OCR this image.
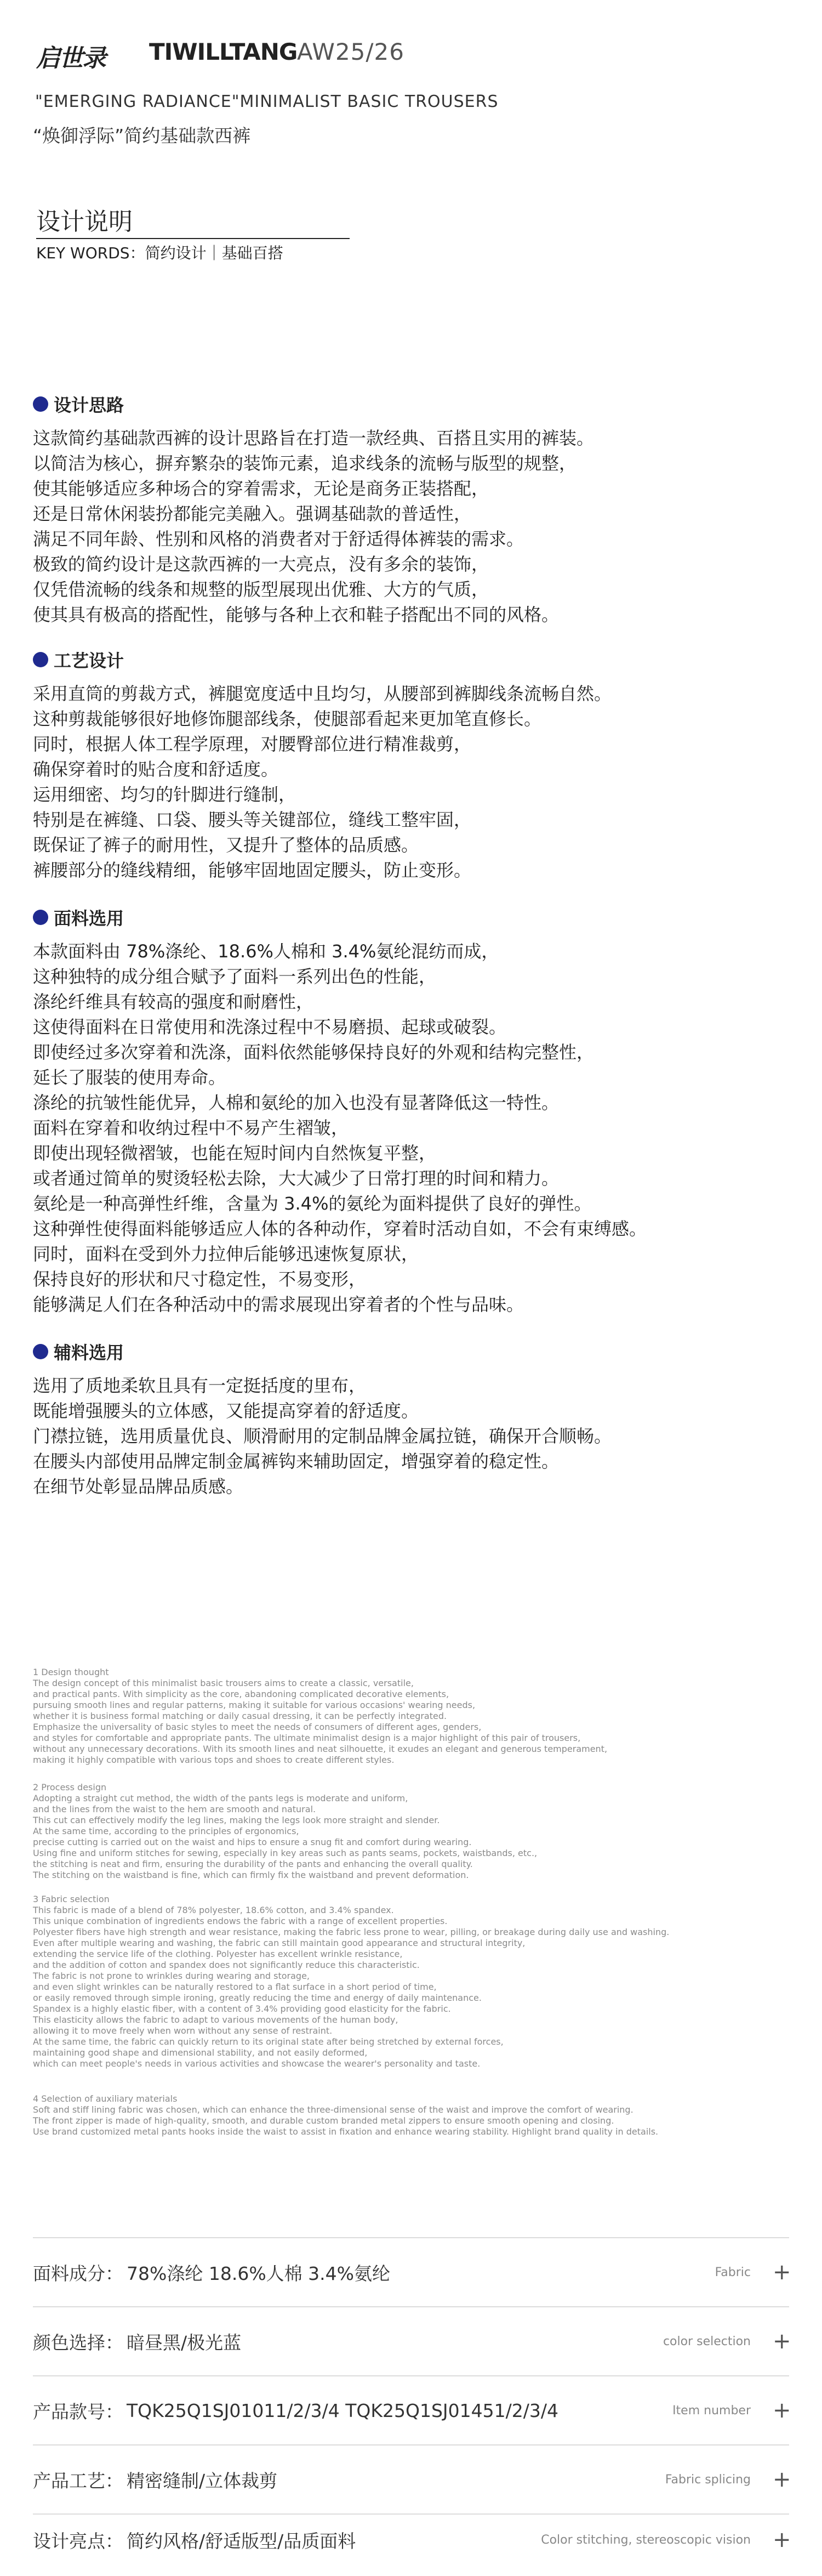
启世录 TIWILLTANG AW25/26
"EMERGING RADIANCE"MINIMALIST BASIC TROUSERS
“焕御浮际”简约基础款西裤
设计说明
KEY WORDS：简约设计｜基础百搭
设计思路

这款简约基础款西裤的设计思路旨在打造一款经典、百搭且实用的裤装。
以简洁为核心，摒弃繁杂的装饰元素，追求线条的流畅与版型的规整，
使其能够适应多种场合的穿着需求，无论是商务正装搭配，
还是日常休闲装扮都能完美融入。强调基础款的普适性，
满足不同年龄、性别和风格的消费者对于舒适得体裤装的需求。
极致的简约设计是这款西裤的一大亮点，没有多余的装饰，
仅凭借流畅的线条和规整的版型展现出优雅、大方的气质，
使其具有极高的搭配性，能够与各种上衣和鞋子搭配出不同的风格。

工艺设计

采用直筒的剪裁方式，裤腿宽度适中且均匀，从腰部到裤脚线条流畅自然。
这种剪裁能够很好地修饰腿部线条，使腿部看起来更加笔直修长。
同时，根据人体工程学原理，对腰臀部位进行精准裁剪，
确保穿着时的贴合度和舒适度。
运用细密、均匀的针脚进行缝制，
特别是在裤缝、口袋、腰头等关键部位，缝线工整牢固，
既保证了裤子的耐用性，又提升了整体的品质感。
裤腰部分的缝线精细，能够牢固地固定腰头，防止变形。

面料选用

本款面料由 78%涤纶、18.6%人棉和 3.4%氨纶混纺而成，
这种独特的成分组合赋予了面料一系列出色的性能，
涤纶纤维具有较高的强度和耐磨性，
这使得面料在日常使用和洗涤过程中不易磨损、起球或破裂。
即使经过多次穿着和洗涤，面料依然能够保持良好的外观和结构完整性，
延长了服装的使用寿命。
涤纶的抗皱性能优异，人棉和氨纶的加入也没有显著降低这一特性。
面料在穿着和收纳过程中不易产生褶皱，
即使出现轻微褶皱，也能在短时间内自然恢复平整，
或者通过简单的熨烫轻松去除，大大减少了日常打理的时间和精力。
氨纶是一种高弹性纤维，含量为 3.4%的氨纶为面料提供了良好的弹性。
这种弹性使得面料能够适应人体的各种动作，穿着时活动自如，不会有束缚感。
同时，面料在受到外力拉伸后能够迅速恢复原状，
保持良好的形状和尺寸稳定性，不易变形，
能够满足人们在各种活动中的需求展现出穿着者的个性与品味。

辅料选用

选用了质地柔软且具有一定挺括度的里布，
既能增强腰头的立体感，又能提高穿着的舒适度。
门襟拉链，选用质量优良、顺滑耐用的定制品牌金属拉链，确保开合顺畅。
在腰头内部使用品牌定制金属裤钩来辅助固定，增强穿着的稳定性。
在细节处彰显品牌品质感。

1 Design thought
The design concept of this minimalist basic trousers aims to create a classic, versatile,
and practical pants. With simplicity as the core, abandoning complicated decorative elements,
pursuing smooth lines and regular patterns, making it suitable for various occasions' wearing needs,
whether it is business formal matching or daily casual dressing, it can be perfectly integrated.
Emphasize the universality of basic styles to meet the needs of consumers of different ages, genders,
and styles for comfortable and appropriate pants. The ultimate minimalist design is a major highlight of this pair of trousers,
without any unnecessary decorations. With its smooth lines and neat silhouette, it exudes an elegant and generous temperament,
making it highly compatible with various tops and shoes to create different styles.
2 Process design
Adopting a straight cut method, the width of the pants legs is moderate and uniform,
and the lines from the waist to the hem are smooth and natural.
This cut can effectively modify the leg lines, making the legs look more straight and slender.
At the same time, according to the principles of ergonomics,
precise cutting is carried out on the waist and hips to ensure a snug fit and comfort during wearing.
Using fine and uniform stitches for sewing, especially in key areas such as pants seams, pockets, waistbands, etc.,
the stitching is neat and firm, ensuring the durability of the pants and enhancing the overall quality.
The stitching on the waistband is fine, which can firmly fix the waistband and prevent deformation.
3 Fabric selection
This fabric is made of a blend of 78% polyester, 18.6% cotton, and 3.4% spandex.
This unique combination of ingredients endows the fabric with a range of excellent properties.
Polyester fibers have high strength and wear resistance, making the fabric less prone to wear, pilling, or breakage during daily use and washing.
Even after multiple wearing and washing, the fabric can still maintain good appearance and structural integrity,
extending the service life of the clothing. Polyester has excellent wrinkle resistance,
and the addition of cotton and spandex does not significantly reduce this characteristic.
The fabric is not prone to wrinkles during wearing and storage,
and even slight wrinkles can be naturally restored to a flat surface in a short period of time,
or easily removed through simple ironing, greatly reducing the time and energy of daily maintenance.
Spandex is a highly elastic fiber, with a content of 3.4% providing good elasticity for the fabric.
This elasticity allows the fabric to adapt to various movements of the human body,
allowing it to move freely when worn without any sense of restraint.
At the same time, the fabric can quickly return to its original state after being stretched by external forces,
maintaining good shape and dimensional stability, and not easily deformed,
which can meet people's needs in various activities and showcase the wearer's personality and taste.
4 Selection of auxiliary materials
Soft and stiff lining fabric was chosen, which can enhance the three-dimensional sense of the waist and improve the comfort of wearing.
The front zipper is made of high-quality, smooth, and durable custom branded metal zippers to ensure smooth opening and closing.
Use brand customized metal pants hooks inside the waist to assist in fixation and enhance wearing stability. Highlight brand quality in details.
面料成分： 78%涤纶 18.6%人棉 3.4%氨纶	Fabric +
颜色选择： 暗昼黑/极光蓝	color selection +
产品款号： TQK25Q1SJ01011/2/3/4 TQK25Q1SJ01451/2/3/4	Item number +
产品工艺： 精密缝制/立体裁剪	Fabric splicing +
设计亮点： 简约风格/舒适版型/品质面料	Color stitching, stereoscopic vision +
